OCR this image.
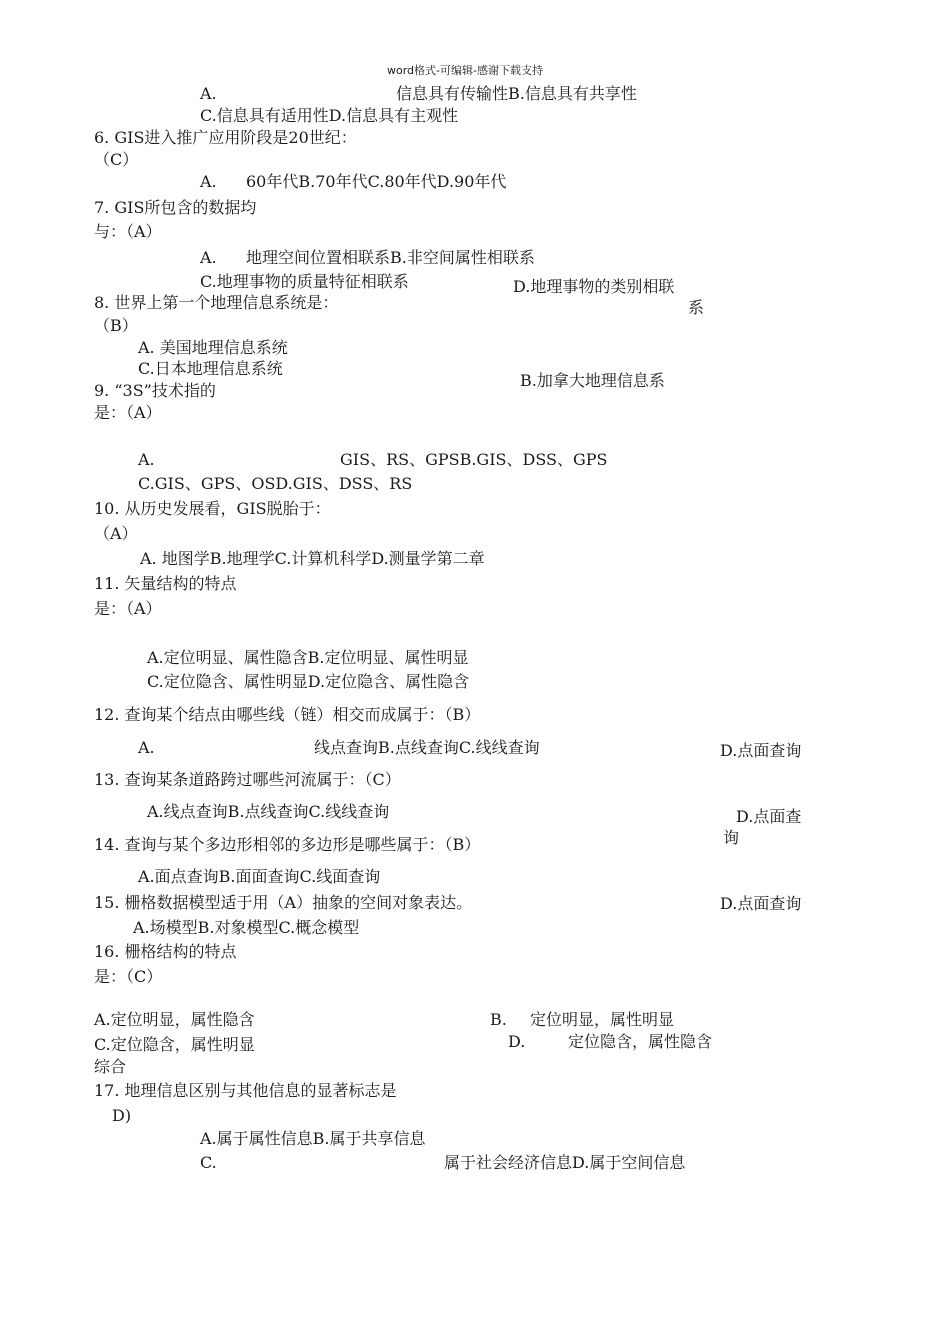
word格式-可编辑-感谢下载支持
A.	信息具有传输性B.信息具有共享性
C.信息具有适用性D.信息具有主观性
6. GIS进入推广应用阶段是20世纪：
（C）
A. 60年代B.70年代C.80年代D.90年代
7. GIS所包含的数据均
与：（A）
A. 地理空间位置相联系B.非空间属性相联系
C.地理事物的质量特征相联系	D.地理事物的类别相联
系
8. 世界上第一个地理信息系统是：
（B）
A. 美国地理信息系统
C.日本地理信息系统
B.加拿大地理信息系
9. “3S”技术指的
是：（A）
A.	GIS、RS、GPSB.GIS、DSS、GPS
C.GIS、GPS、OSD.GIS、DSS、RS
10. 从历史发展看，GIS脱胎于：
（A）
A. 地图学B.地理学C.计算机科学D.测量学第二章
11. 矢量结构的特点
是：（A）
A.定位明显、属性隐含B.定位明显、属性明显
C.定位隐含、属性明显D.定位隐含、属性隐含
12. 查询某个结点由哪些线（链）相交而成属于：（B）
A.	线点查询B.点线查询C.线线查询	D.点面查询
13. 查询某条道路跨过哪些河流属于：（C）
A.线点查询B.点线查询C.线线查询	D.点面查
询
14. 查询与某个多边形相邻的多边形是哪些属于：（B）
A.面点查询B.面面查询C.线面查询
15. 栅格数据模型适于用（A）抽象的空间对象表达。	D.点面查询
A.场模型B.对象模型C.概念模型
16. 栅格结构的特点
是：（C）
A.定位明显，属性隐含	B. 定位明显，属性明显
C.定位隐含，属性明显	D.	定位隐含，属性隐含
综合
17. 地理信息区别与其他信息的显著标志是
D)
A.属于属性信息B.属于共享信息
C.	属于社会经济信息D.属于空间信息
